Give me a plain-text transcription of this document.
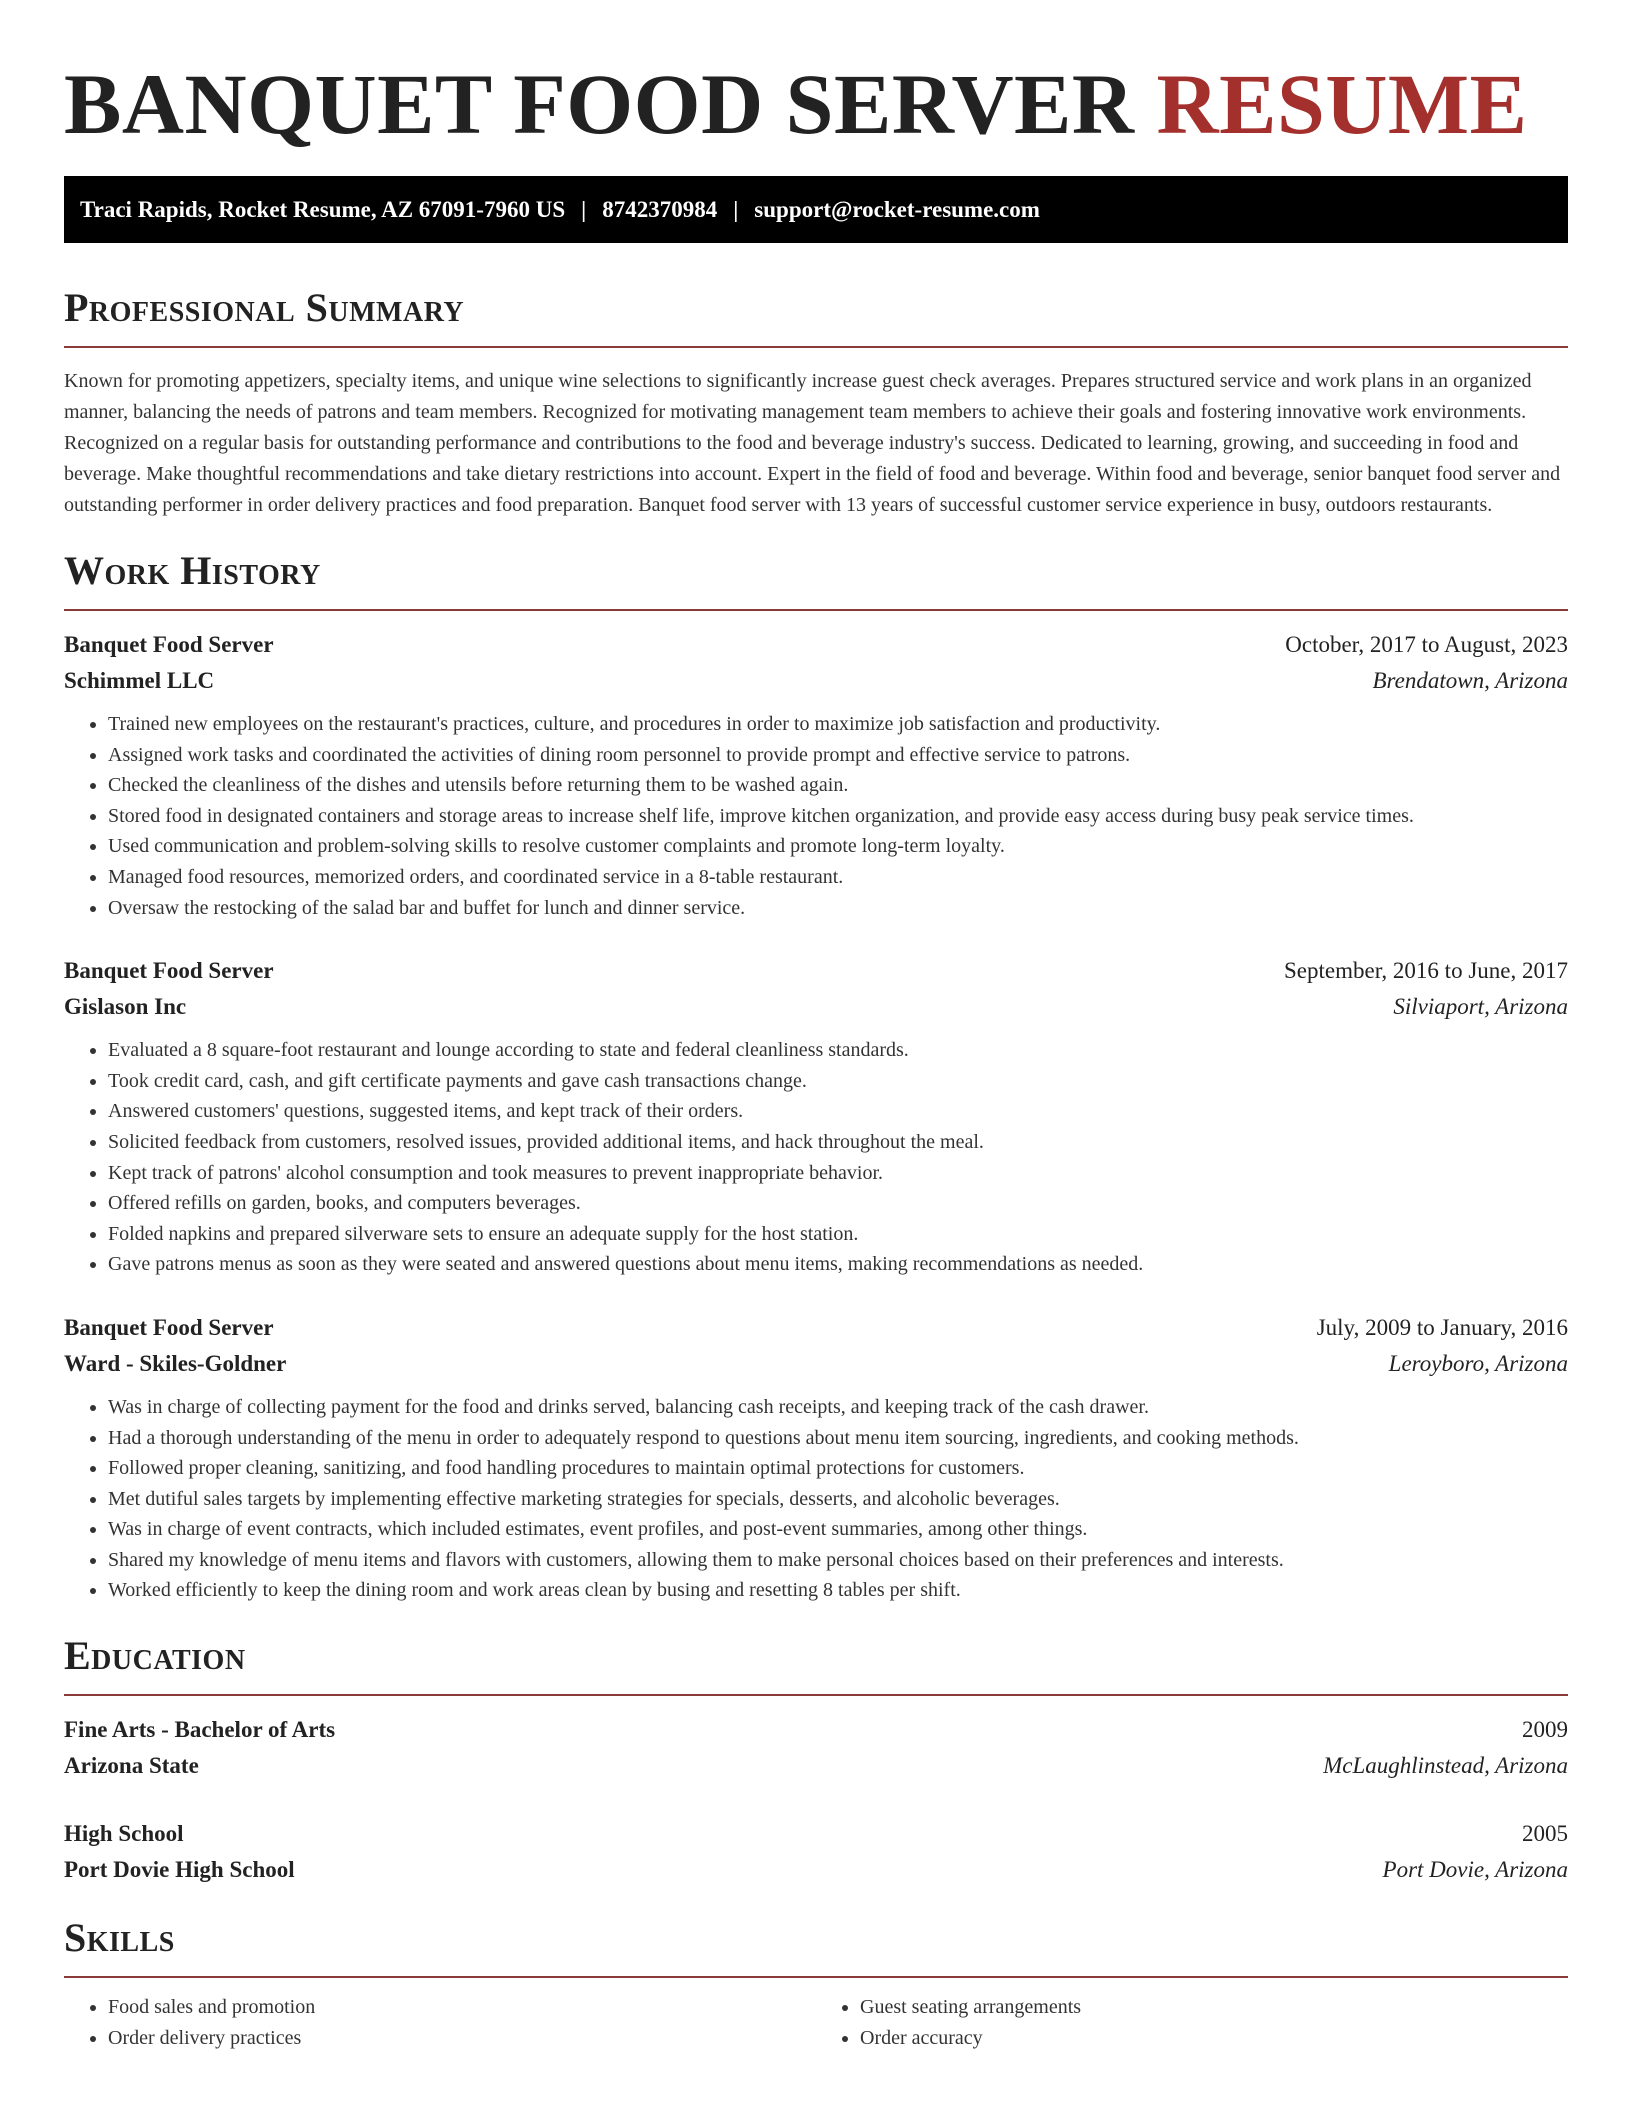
BANQUET FOOD SERVER RESUME
Traci Rapids, Rocket Resume, AZ 67091-7960 US | 8742370984 | support@rocket-resume.com
Professional Summary

Known for promoting appetizers, specialty items, and unique wine selections to significantly increase guest check averages. Prepares structured service and work plans in an organized manner, balancing the needs of patrons and team members. Recognized for motivating management team members to achieve their goals and fostering innovative work environments. Recognized on a regular basis for outstanding performance and contributions to the food and beverage industry's success. Dedicated to learning, growing, and succeeding in food and beverage. Make thoughtful recommendations and take dietary restrictions into account. Expert in the field of food and beverage. Within food and beverage, senior banquet food server and outstanding performer in order delivery practices and food preparation. Banquet food server with 13 years of successful customer service experience in busy, outdoors restaurants.

Work History
Banquet Food Server	October, 2017 to August, 2023
Schimmel LLC	Brendatown, Arizona
• Trained new employees on the restaurant's practices, culture, and procedures in order to maximize job satisfaction and productivity.
• Assigned work tasks and coordinated the activities of dining room personnel to provide prompt and effective service to patrons.
• Checked the cleanliness of the dishes and utensils before returning them to be washed again.
• Stored food in designated containers and storage areas to increase shelf life, improve kitchen organization, and provide easy access during busy peak service times.
• Used communication and problem-solving skills to resolve customer complaints and promote long-term loyalty.
• Managed food resources, memorized orders, and coordinated service in a 8-table restaurant.
• Oversaw the restocking of the salad bar and buffet for lunch and dinner service.
Banquet Food Server	September, 2016 to June, 2017
Gislason Inc	Silviaport, Arizona
• Evaluated a 8 square-foot restaurant and lounge according to state and federal cleanliness standards.
• Took credit card, cash, and gift certificate payments and gave cash transactions change.
• Answered customers' questions, suggested items, and kept track of their orders.
• Solicited feedback from customers, resolved issues, provided additional items, and hack throughout the meal.
• Kept track of patrons' alcohol consumption and took measures to prevent inappropriate behavior.
• Offered refills on garden, books, and computers beverages.
• Folded napkins and prepared silverware sets to ensure an adequate supply for the host station.
• Gave patrons menus as soon as they were seated and answered questions about menu items, making recommendations as needed.
Banquet Food Server	July, 2009 to January, 2016
Ward - Skiles-Goldner	Leroyboro, Arizona
• Was in charge of collecting payment for the food and drinks served, balancing cash receipts, and keeping track of the cash drawer.
• Had a thorough understanding of the menu in order to adequately respond to questions about menu item sourcing, ingredients, and cooking methods.
• Followed proper cleaning, sanitizing, and food handling procedures to maintain optimal protections for customers.
• Met dutiful sales targets by implementing effective marketing strategies for specials, desserts, and alcoholic beverages.
• Was in charge of event contracts, which included estimates, event profiles, and post-event summaries, among other things.
• Shared my knowledge of menu items and flavors with customers, allowing them to make personal choices based on their preferences and interests.
• Worked efficiently to keep the dining room and work areas clean by busing and resetting 8 tables per shift.
Education
Fine Arts - Bachelor of Arts	2009
Arizona State	McLaughlinstead, Arizona
High School	2005
Port Dovie High School	Port Dovie, Arizona
Skills
• Food sales and promotion
• Order delivery practices
• Guest seating arrangements
• Order accuracy
